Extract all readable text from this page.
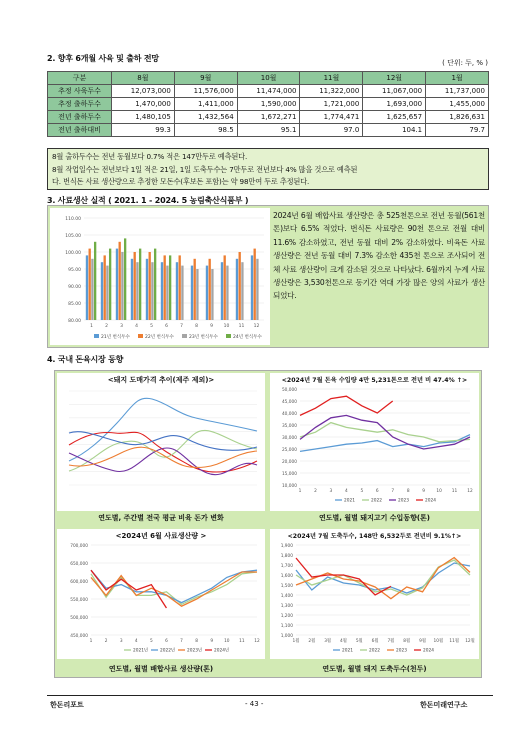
2. 향후 6개월 사육 및 출하 전망	( 단위: 두, % )
구분	8월	9월	10월	11월	12월	1월
추정 사육두수	12,073,000	11,576,000	11,474,000	11,322,000	11,067,000	11,737,000
추정 출하두수	1,470,000	1,411,000	1,590,000	1,721,000	1,693,000	1,455,000
전년 출하두수	1,480,105	1,432,564	1,672,271	1,774,471	1,625,657	1,826,631
전년 출하대비	99.3	98.5	95.1	97.0	104.1	79.7
8월 출하두수는 전년 동월보다 0.7% 적은 147만두로 예측된다.
8월 작업일수는 전년보다 1일 적은 21일, 1일 도축두수는 7만두로 전년보다 4% 많을 것으로 예측된
다. 번식돈 사료 생산량으로 추정한 모돈수(후보돈 포함)는 약 98만여 두로 추정된다.
3. 사료생산 실적 ( 2021. 1 - 2024. 5 농림축산식품부 )
110.00
105.00
100.00
95.00
90.00
85.00
80.00
1	2	3	4	5	6	7	8	9 10 11 12
21년 번식두수	22년 번식두수	23년 번식두수	24년 번식두수
2024년 6월 배합사료 생산량은 총 525천톤으로 전년 동월(561천 톤)보다 6.5% 적었다. 번식돈 사료량은 90천 톤으로 전월 대비 11.6% 감소하였고, 전년 동월 대비 2% 감소하였다. 비육돈 사료 생산량은 전년 동월 대비 7.3% 감소한 435천 톤으로 조사되어 전체 사료 생산량이 크게 감소된 것으로 나타났다. 6월까지 누계 사료 생산량은 3,530천톤으로 동기간 역대 가장 많은 양의 사료가 생산되었다.
4. 국내 돈육시장 동향
<돼지 도매가격 추이(제주 제외)>
연도별, 주간별 전국 평균 비육 돈가 변화
50,000
45,000
40,000
35,000
30,000
25,000
20,000
15,000
10,000
1	2	3	4	5	6	7	8	9	10 11 12
2021	2022	2023	2024
<2024년 7월 돈육 수입량 4만 5,231톤으로 전년 비 47.4% ↑>
연도별, 월별 돼지고기 수입동향(톤)
700,000
650,000
600,000
550,000
500,000
450,000
1	2	3	4	5	6	7	8	9	10 11 12
2021년	2022년	2023년	2024년
<2024년 6월 사료생산량 >
연도별, 월별 배합사료 생산량(톤)
1,900
1,800
1,700
1,600
1,500
1,400
1,300
1,200
1,100
1,000
1월 2월 3월 4월 5월 6월 7월 8월 9월 10월 11월 12월
2021	2022	2023	2024
<2024년 7월 도축두수, 148만 6,532두로 전년비 9.1%↑>
연도별, 월별 돼지 도축두수(천두)
한돈리포트	- 43 -	한돈미래연구소
